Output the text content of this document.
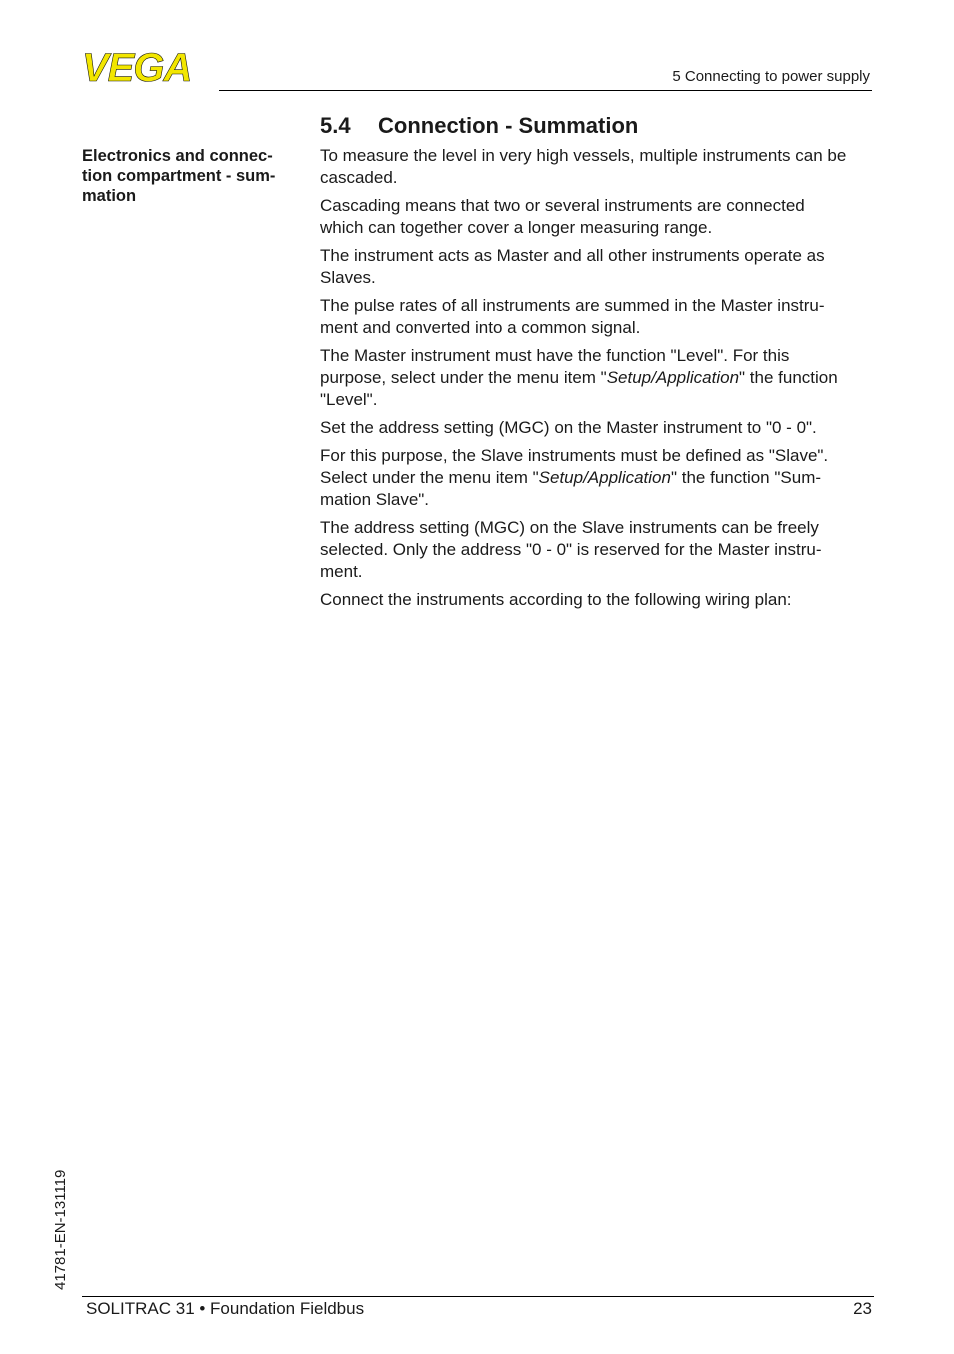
VEGA	5 Connecting to power supply
5.4 Connection - Summation
Electronics and connec-
tion compartment - sum-
mation

To measure the level in very high vessels, multiple instruments can be
cascaded.

Cascading means that two or several instruments are connected
which can together cover a longer measuring range.

The instrument acts as Master and all other instruments operate as
Slaves.

The pulse rates of all instruments are summed in the Master instru-
ment and converted into a common signal.

The Master instrument must have the function "Level". For this
purpose, select under the menu item "Setup/Application" the function
"Level".

Set the address setting (MGC) on the Master instrument to "0 - 0".

For this purpose, the Slave instruments must be defined as "Slave".
Select under the menu item "Setup/Application" the function "Sum-
mation Slave".

The address setting (MGC) on the Slave instruments can be freely
selected. Only the address "0 - 0" is reserved for the Master instru-
ment.

Connect the instruments according to the following wiring plan:

41781-EN-131119
SOLITRAC 31 • Foundation Fieldbus	23
